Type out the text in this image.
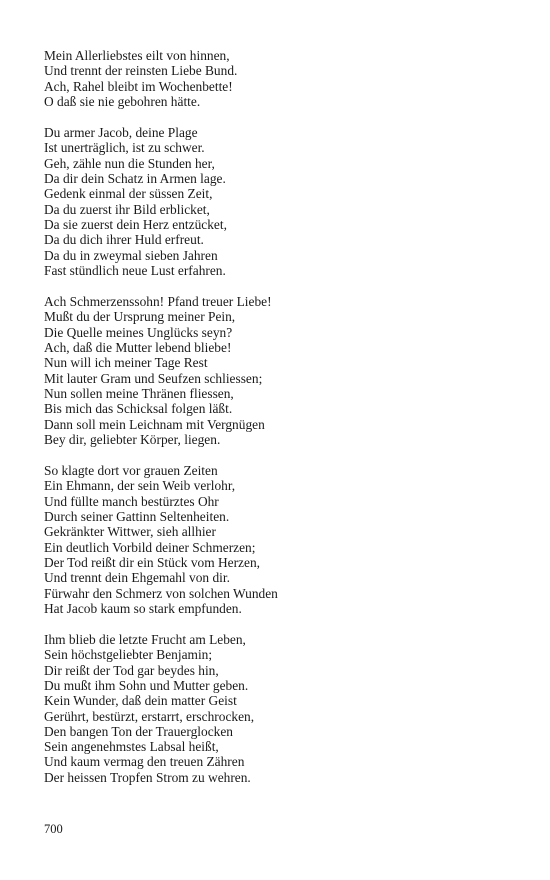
Mein Allerliebstes eilt von hinnen,
Und trennt der reinsten Liebe Bund.
Ach, Rahel bleibt im Wochenbette!
O daß sie nie gebohren hätte.
Du armer Jacob, deine Plage
Ist unerträglich, ist zu schwer.
Geh, zähle nun die Stunden her,
Da dir dein Schatz in Armen lage.
Gedenk einmal der süssen Zeit,
Da du zuerst ihr Bild erblicket,
Da sie zuerst dein Herz entzücket,
Da du dich ihrer Huld erfreut.
Da du in zweymal sieben Jahren
Fast stündlich neue Lust erfahren.
Ach Schmerzenssohn! Pfand treuer Liebe!
Mußt du der Ursprung meiner Pein,
Die Quelle meines Unglücks seyn?
Ach, daß die Mutter lebend bliebe!
Nun will ich meiner Tage Rest
Mit lauter Gram und Seufzen schliessen;
Nun sollen meine Thränen fliessen,
Bis mich das Schicksal folgen läßt.
Dann soll mein Leichnam mit Vergnügen
Bey dir, geliebter Körper, liegen.
So klagte dort vor grauen Zeiten
Ein Ehmann, der sein Weib verlohr,
Und füllte manch bestürztes Ohr
Durch seiner Gattinn Seltenheiten.
Gekränkter Wittwer, sieh allhier
Ein deutlich Vorbild deiner Schmerzen;
Der Tod reißt dir ein Stück vom Herzen,
Und trennt dein Ehgemahl von dir.
Fürwahr den Schmerz von solchen Wunden
Hat Jacob kaum so stark empfunden.
Ihm blieb die letzte Frucht am Leben,
Sein höchstgeliebter Benjamin;
Dir reißt der Tod gar beydes hin,
Du mußt ihm Sohn und Mutter geben.
Kein Wunder, daß dein matter Geist
Gerührt, bestürzt, erstarrt, erschrocken,
Den bangen Ton der Trauerglocken
Sein angenehmstes Labsal heißt,
Und kaum vermag den treuen Zähren
Der heissen Tropfen Strom zu wehren.
700
